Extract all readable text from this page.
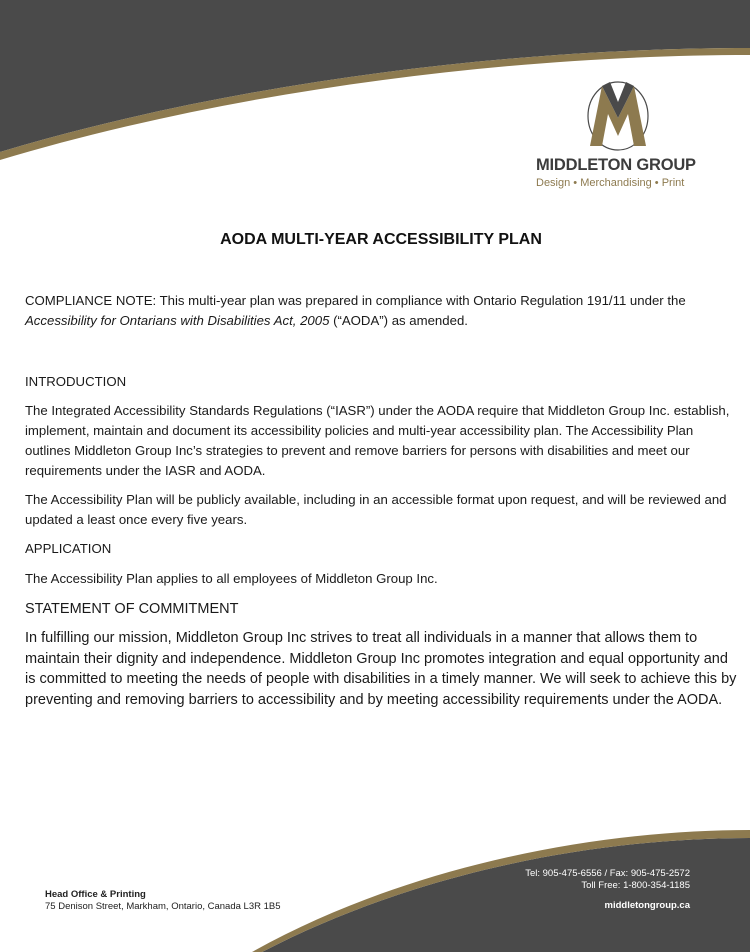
MIDDLETON GROUP
Design • Merchandising • Print
AODA MULTI-YEAR ACCESSIBILITY PLAN

COMPLIANCE NOTE: This multi-year plan was prepared in compliance with Ontario Regulation 191/11 under the Accessibility for Ontarians with Disabilities Act, 2005 (“AODA”) as amended.

INTRODUCTION

The Integrated Accessibility Standards Regulations (“IASR”) under the AODA require that Middleton Group Inc. establish, implement, maintain and document its accessibility policies and multi-year accessibility plan. The Accessibility Plan outlines Middleton Group Inc’s strategies to prevent and remove barriers for persons with disabilities and meet our requirements under the IASR and AODA.

The Accessibility Plan will be publicly available, including in an accessible format upon request, and will be reviewed and updated a least once every five years.

APPLICATION

The Accessibility Plan applies to all employees of Middleton Group Inc.

STATEMENT OF COMMITMENT

In fulfilling our mission, Middleton Group Inc strives to treat all individuals in a manner that allows them to maintain their dignity and independence. Middleton Group Inc promotes integration and equal opportunity and is committed to meeting the needs of people with disabilities in a timely manner. We will seek to achieve this by preventing and removing barriers to accessibility and by meeting accessibility requirements under the AODA.

Head Office & Printing
75 Denison Street, Markham, Ontario, Canada L3R 1B5
Tel: 905-475-6556 / Fax: 905-475-2572
Toll Free: 1-800-354-1185
middletongroup.ca
